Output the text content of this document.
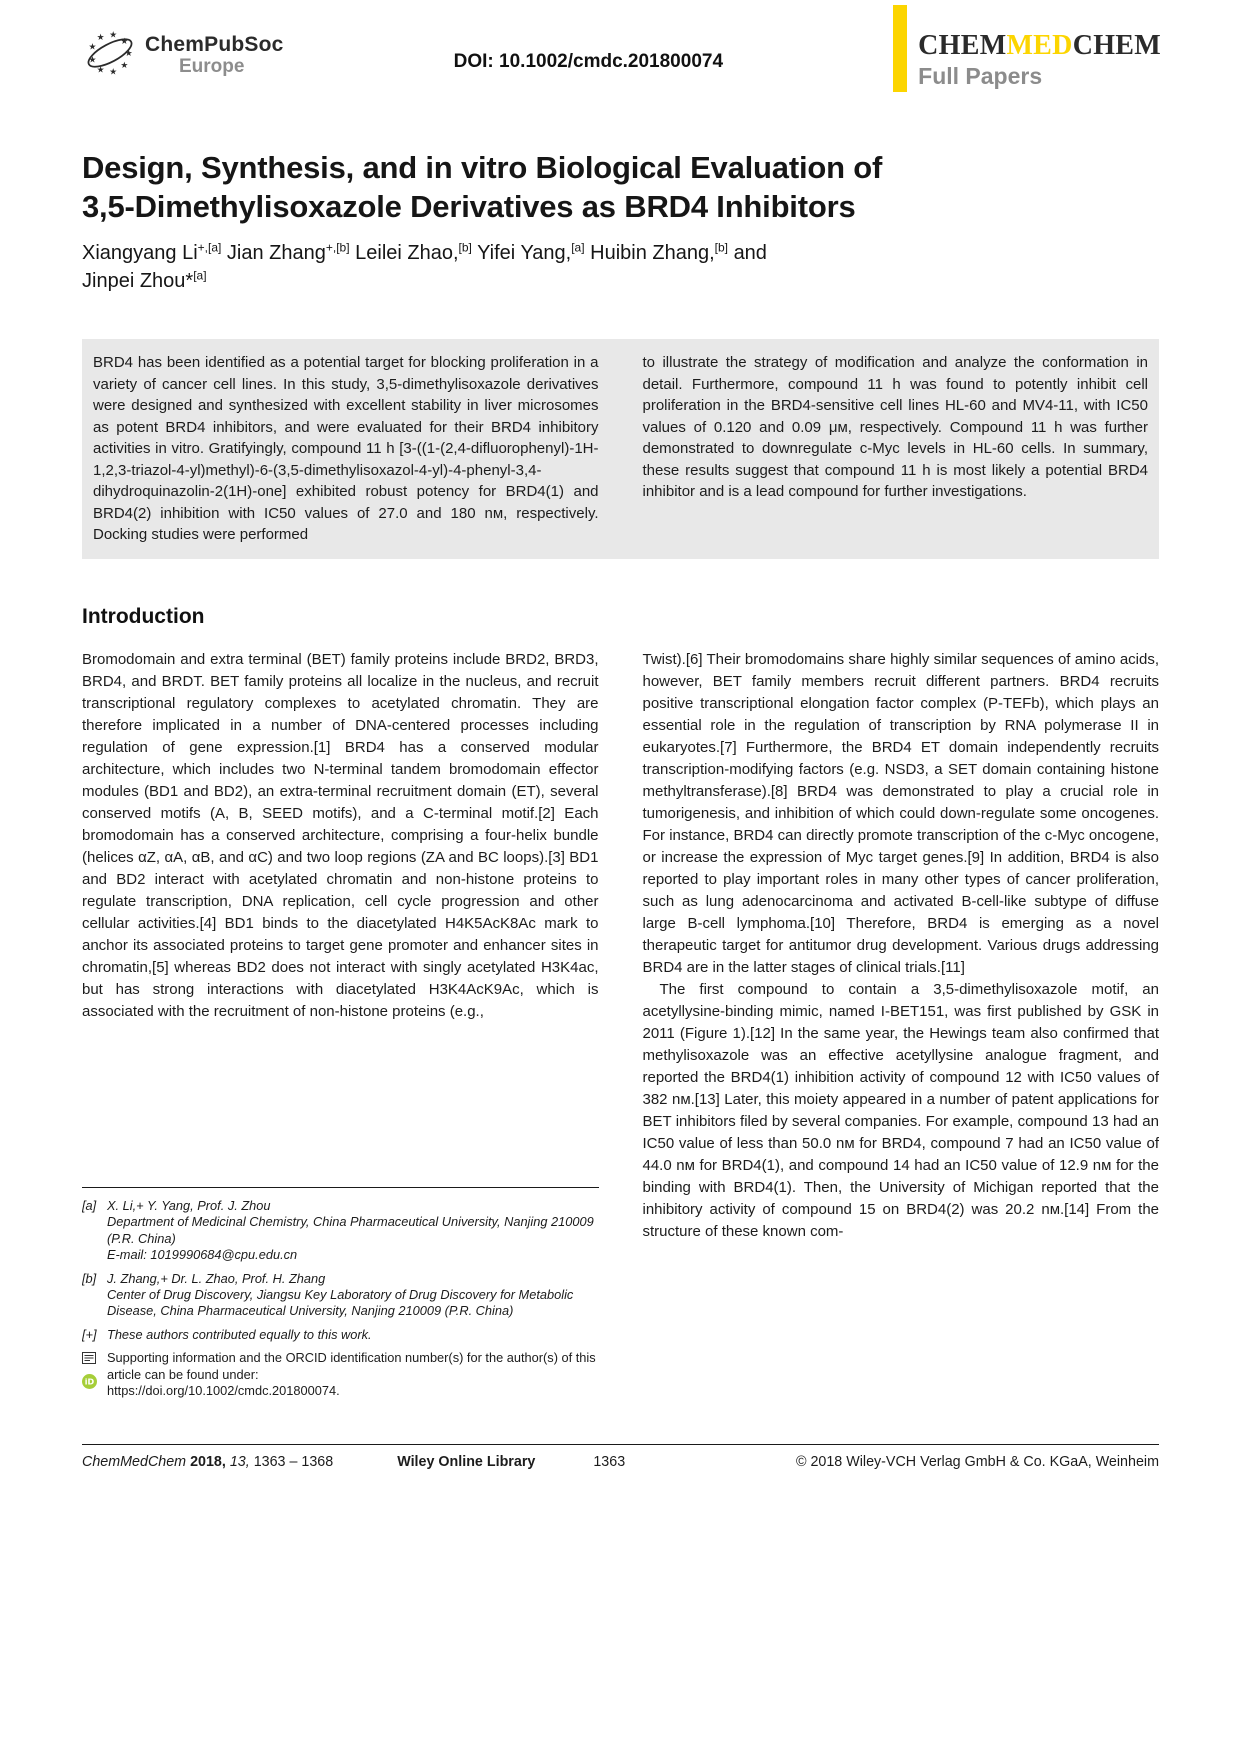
★
★
★
★
★
★
★ ★
★ ChemPubSoc
Europe	DOI: 10.1002/cmdc.201800074
CHEMMEDCHEM
Full Papers
Design, Synthesis, and in vitro Biological Evaluation of
3,5-Dimethylisoxazole Derivatives as BRD4 Inhibitors
Xiangyang $Li^{+,[a]}$ Jian Zhang$^{+,[b]}$ Leilei Zhao,[b] Yifei Yang,[a] Huibin Zhang,[b] and
Jinpei Zhou*[a]
BRD4 has been identified as a potential target for blocking proliferation in a variety of cancer cell lines. In this study, 3,5-dimethylisoxazole derivatives were designed and synthesized with excellent stability in liver microsomes as potent BRD4 inhibitors, and were evaluated for their BRD4 inhibitory activities in vitro. Gratifyingly, compound 11 h [3-((1-(2,4-difluorophenyl)-1H-1,2,3-triazol-4-yl)methyl)-6-(3,5-dimethylisoxazol-4-yl)-4-phenyl-3,4-dihydroquinazolin-2(1H)-one] exhibited robust potency for BRD4(1) and BRD4(2) inhibition with IC50 values of 27.0 and 180 nᴍ, respectively. Docking studies were performed
to illustrate the strategy of modification and analyze the conformation in detail. Furthermore, compound 11 h was found to potently inhibit cell proliferation in the BRD4-sensitive cell lines HL-60 and MV4-11, with IC50 values of 0.120 and 0.09 μᴍ, respectively. Compound 11 h was further demonstrated to downregulate c-Myc levels in HL-60 cells. In summary, these results suggest that compound 11 h is most likely a potential BRD4 inhibitor and is a lead compound for further investigations.
Introduction

Bromodomain and extra terminal (BET) family proteins include BRD2, BRD3, BRD4, and BRDT. BET family proteins all localize in the nucleus, and recruit transcriptional regulatory complexes to acetylated chromatin. They are therefore implicated in a number of DNA-centered processes including regulation of gene expression.[1] BRD4 has a conserved modular architecture, which includes two N-terminal tandem bromodomain effector modules (BD1 and BD2), an extra-terminal recruitment domain (ET), several conserved motifs (A, B, SEED motifs), and a C-terminal motif.[2] Each bromodomain has a conserved architecture, comprising a four-helix bundle (helices αZ, αA, αB, and αC) and two loop regions (ZA and BC loops).[3] BD1 and BD2 interact with acetylated chromatin and non-histone proteins to regulate transcription, DNA replication, cell cycle progression and other cellular activities.[4] BD1 binds to the diacetylated H4K5AcK8Ac mark to anchor its associated proteins to target gene promoter and enhancer sites in chromatin,[5] whereas BD2 does not interact with singly acetylated H3K4ac, but has strong interactions with diacetylated H3K4AcK9Ac, which is associated with the recruitment of non-histone proteins (e.g.,

[a] X. Li,+ Y. Yang, Prof. J. Zhou
Department of Medicinal Chemistry, China Pharmaceutical University, Nanjing 210009 (P.R. China)
E-mail: 1019990684@cpu.edu.cn
[b] J. Zhang,+ Dr. L. Zhao, Prof. H. Zhang
Center of Drug Discovery, Jiangsu Key Laboratory of Drug Discovery for Metabolic Disease, China Pharmaceutical University, Nanjing 210009 (P.R. China)
[+] These authors contributed equally to this work.
iD
Supporting information and the ORCID identification number(s) for the author(s) of this article can be found under:
https://doi.org/10.1002/cmdc.201800074.

Twist).[6] Their bromodomains share highly similar sequences of amino acids, however, BET family members recruit different partners. BRD4 recruits positive transcriptional elongation factor complex (P-TEFb), which plays an essential role in the regulation of transcription by RNA polymerase II in eukaryotes.[7] Furthermore, the BRD4 ET domain independently recruits transcription-modifying factors (e.g. NSD3, a SET domain containing histone methyltransferase).[8] BRD4 was demonstrated to play a crucial role in tumorigenesis, and inhibition of which could down-regulate some oncogenes. For instance, BRD4 can directly promote transcription of the c-Myc oncogene, or increase the expression of Myc target genes.[9] In addition, BRD4 is also reported to play important roles in many other types of cancer proliferation, such as lung adenocarcinoma and activated B-cell-like subtype of diffuse large B-cell lymphoma.[10] Therefore, BRD4 is emerging as a novel therapeutic target for antitumor drug development. Various drugs addressing BRD4 are in the latter stages of clinical trials.[11]

The first compound to contain a 3,5-dimethylisoxazole motif, an acetyllysine-binding mimic, named I-BET151, was first published by GSK in 2011 (Figure 1).[12] In the same year, the Hewings team also confirmed that methylisoxazole was an effective acetyllysine analogue fragment, and reported the BRD4(1) inhibition activity of compound 12 with IC50 values of 382 nᴍ.[13] Later, this moiety appeared in a number of patent applications for BET inhibitors filed by several companies. For example, compound 13 had an IC50 value of less than 50.0 nᴍ for BRD4, compound 7 had an IC50 value of 44.0 nᴍ for BRD4(1), and compound 14 had an IC50 value of 12.9 nᴍ for the binding with BRD4(1). Then, the University of Michigan reported that the inhibitory activity of compound 15 on BRD4(2) was 20.2 nᴍ.[14] From the structure of these known com-

ChemMedChem 2018, 13, 1363 – 1368	Wiley Online Library	1363	© 2018 Wiley-VCH Verlag GmbH & Co. KGaA, Weinheim
